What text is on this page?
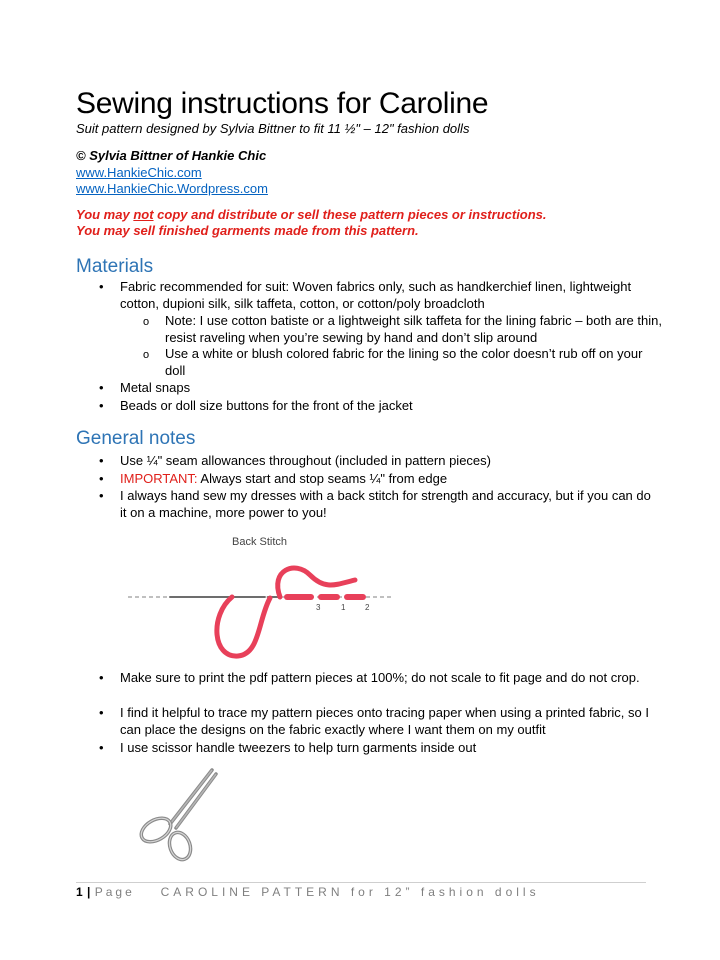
Sewing instructions for Caroline
Suit pattern designed by Sylvia Bittner to fit 11 ½" – 12" fashion dolls
© Sylvia Bittner of Hankie Chic
www.HankieChic.com
www.HankieChic.Wordpress.com
You may not copy and distribute or sell these pattern pieces or instructions.
You may sell finished garments made from this pattern.
Materials
• Fabric recommended for suit: Woven fabrics only, such as handkerchief linen, lightweight cotton, dupioni silk, silk taffeta, cotton, or cotton/poly broadcloth
o Note: I use cotton batiste or a lightweight silk taffeta for the lining fabric – both are thin, resist raveling when you’re sewing by hand and don’t slip around
o Use a white or blush colored fabric for the lining so the color doesn’t rub off on your doll
• Metal snaps
• Beads or doll size buttons for the front of the jacket
General notes
• Use ¼" seam allowances throughout (included in pattern pieces)
• IMPORTANT: Always start and stop seams ¼" from edge
• I always hand sew my dresses with a back stitch for strength and accuracy, but if you can do it on a machine, more power to you!
Back Stitch
3	1 2
• Make sure to print the pdf pattern pieces at 100%; do not scale to fit page and do not crop.
• I find it helpful to trace my pattern pieces onto tracing paper when using a printed fabric, so I can place the designs on the fabric exactly where I want them on my outfit
• I use scissor handle tweezers to help turn garments inside out
1 | Page CAROLINE PATTERN for 12” fashion dolls
